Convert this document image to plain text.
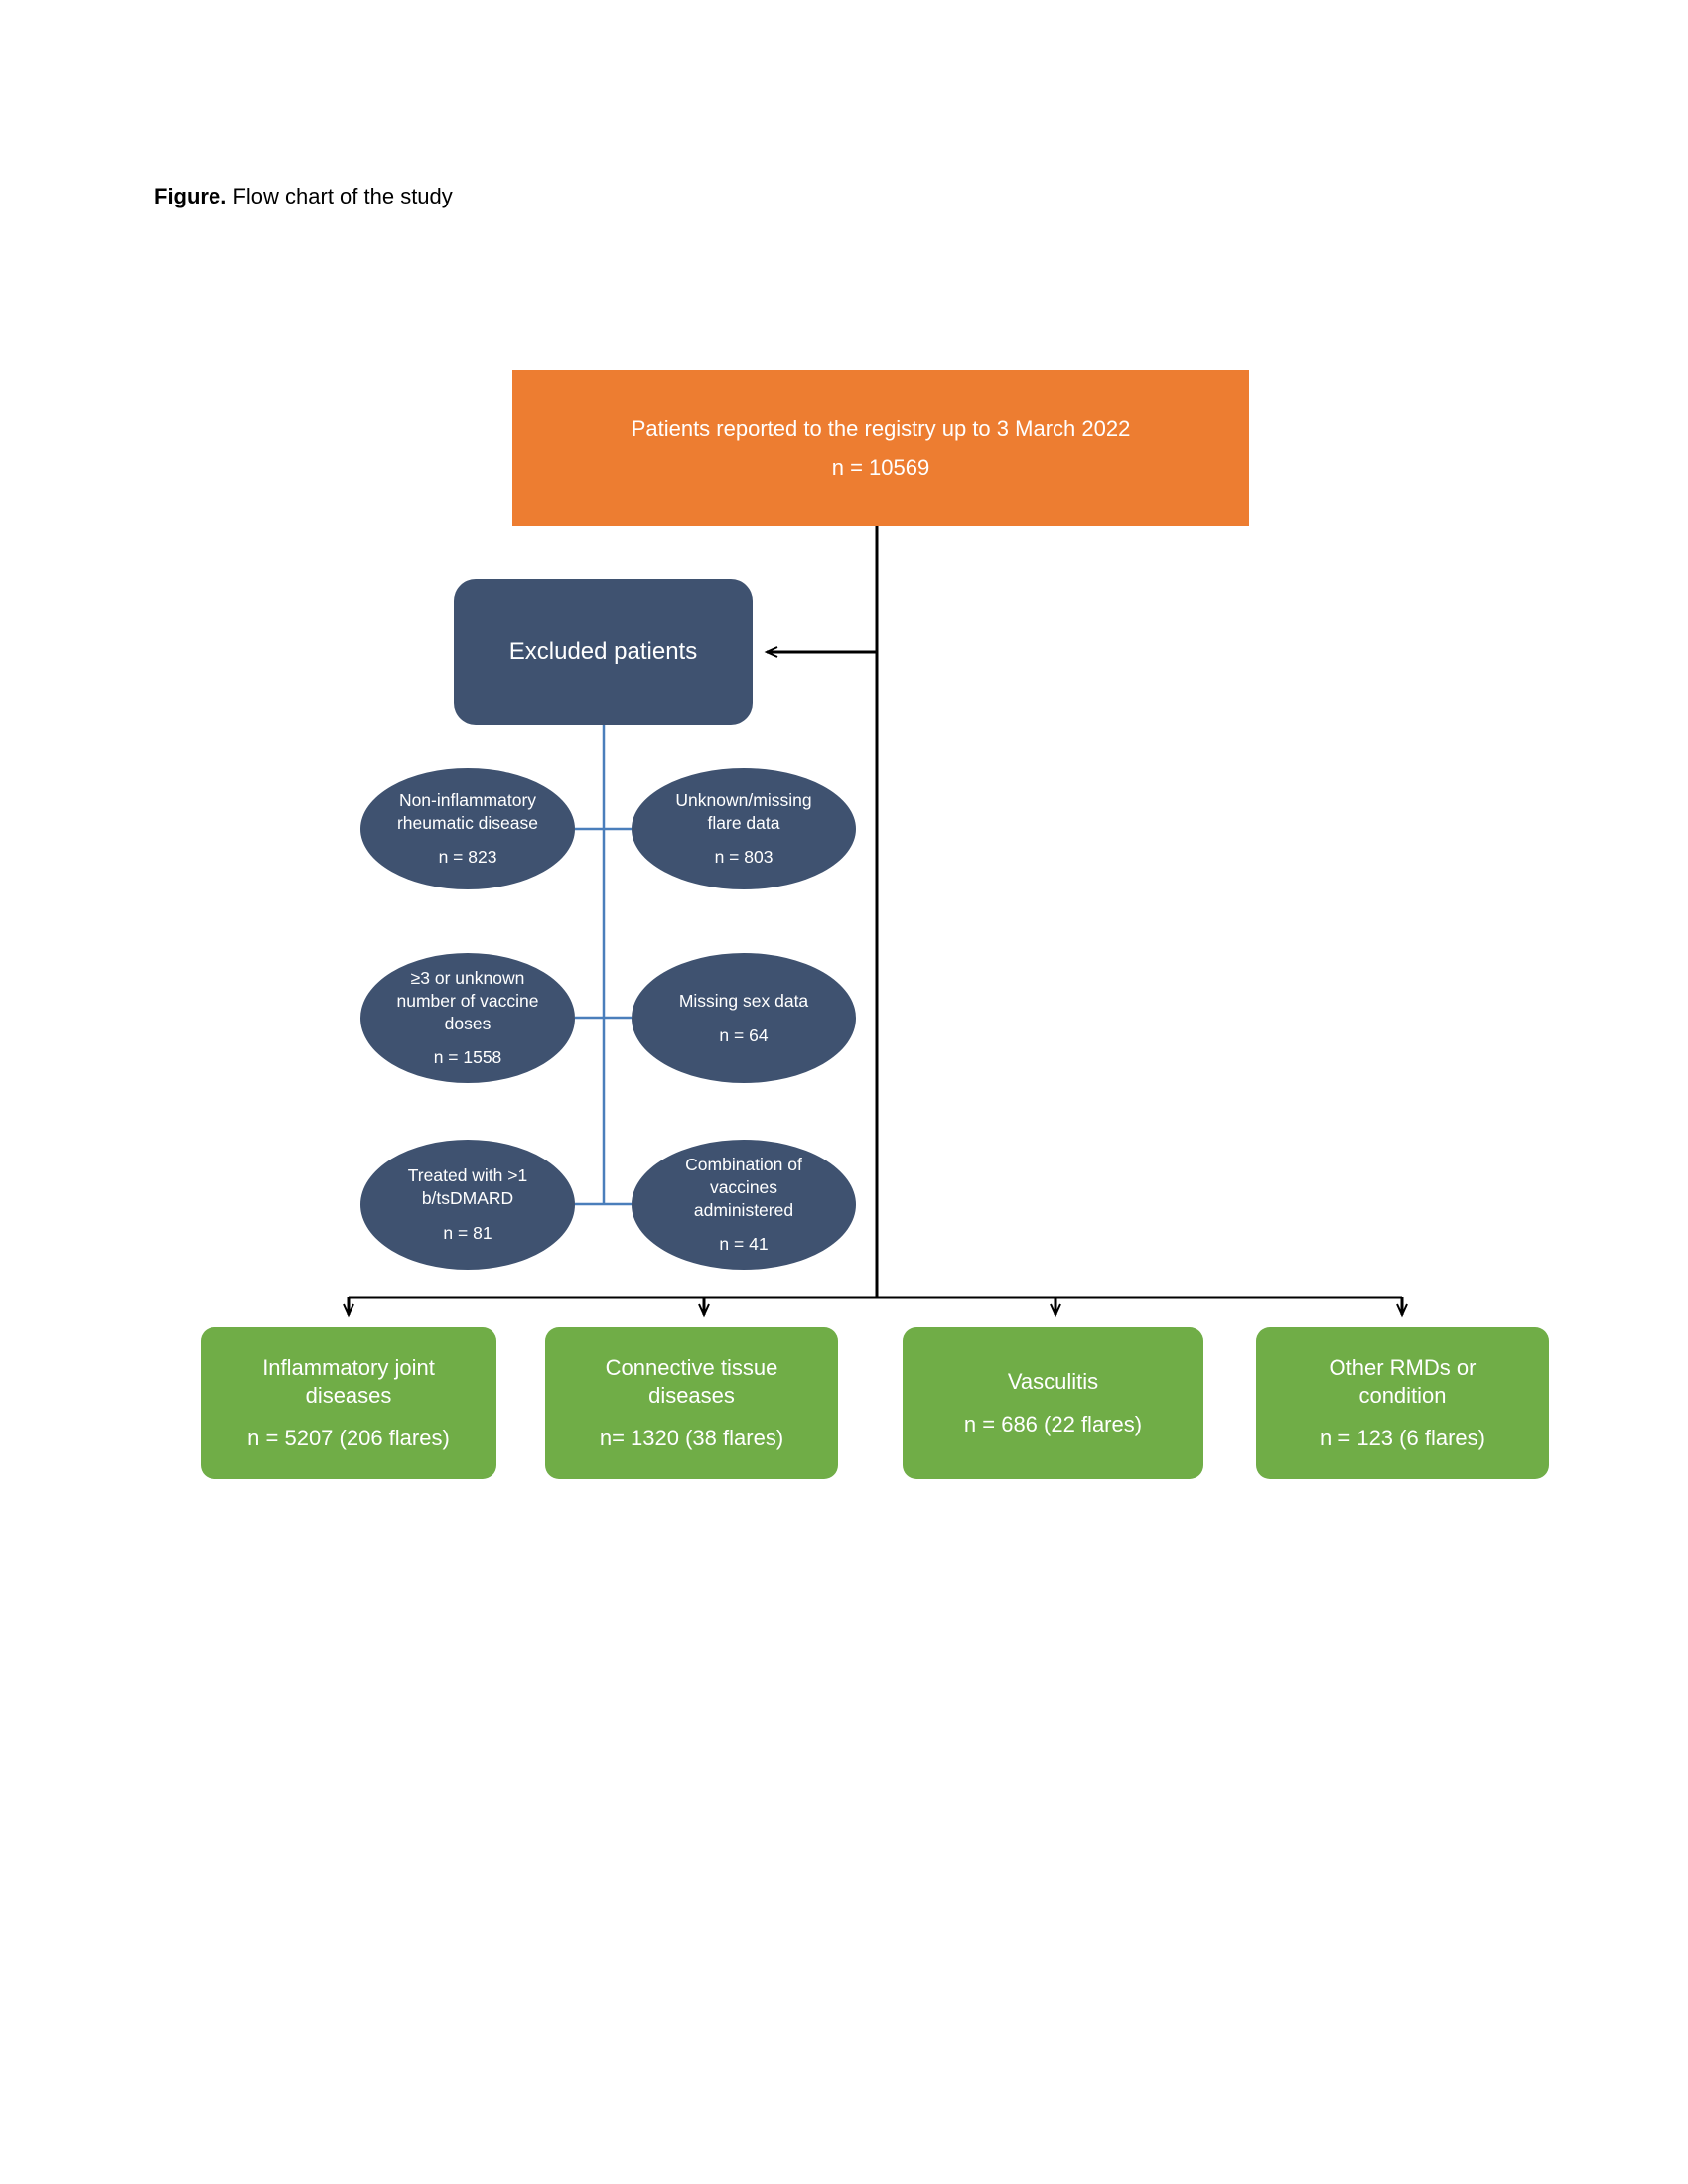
Figure. Flow chart of the study
Patients reported to the registry up to 3 March 2022
n = 10569
Excluded patients
Non-inflammatory
rheumatic disease
n = 823
Unknown/missing
flare data
n = 803
≥3 or unknown
number of vaccine
doses
n = 1558
Missing sex data
n = 64
Treated with >1
b/tsDMARD
n = 81
Combination of
vaccines
administered
n = 41
Inflammatory joint
diseases
n = 5207 (206 flares)
Connective tissue
diseases
n= 1320 (38 flares)
Vasculitis
n = 686 (22 flares)
Other RMDs or
condition
n = 123 (6 flares)
